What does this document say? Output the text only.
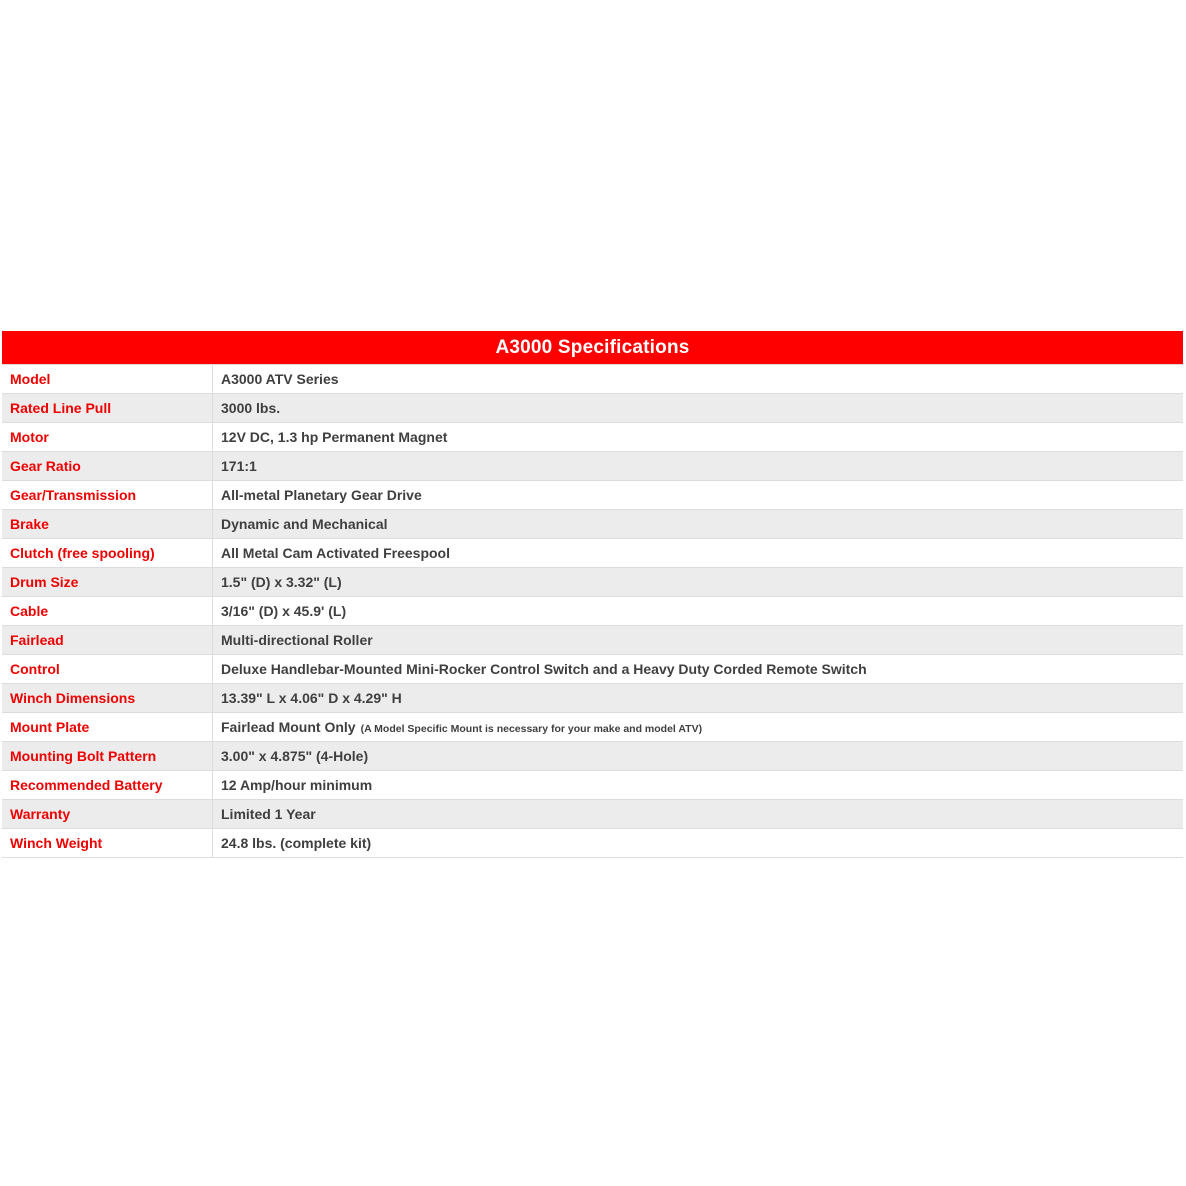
A3000 Specifications
Model	A3000 ATV Series
Rated Line Pull	3000 lbs.
Motor	12V DC, 1.3 hp Permanent Magnet
Gear Ratio	171:1
Gear/Transmission	All-metal Planetary Gear Drive
Brake	Dynamic and Mechanical
Clutch (free spooling)	All Metal Cam Activated Freespool
Drum Size	1.5" (D) x 3.32" (L)
Cable	3/16" (D) x 45.9' (L)
Fairlead	Multi-directional Roller
Control	Deluxe Handlebar-Mounted Mini-Rocker Control Switch and a Heavy Duty Corded Remote Switch
Winch Dimensions	13.39" L x 4.06" D x 4.29" H
Mount Plate	Fairlead Mount Only (A Model Specific Mount is necessary for your make and model ATV)
Mounting Bolt Pattern	3.00" x 4.875" (4-Hole)
Recommended Battery	12 Amp/hour minimum
Warranty	Limited 1 Year
Winch Weight	24.8 lbs. (complete kit)
